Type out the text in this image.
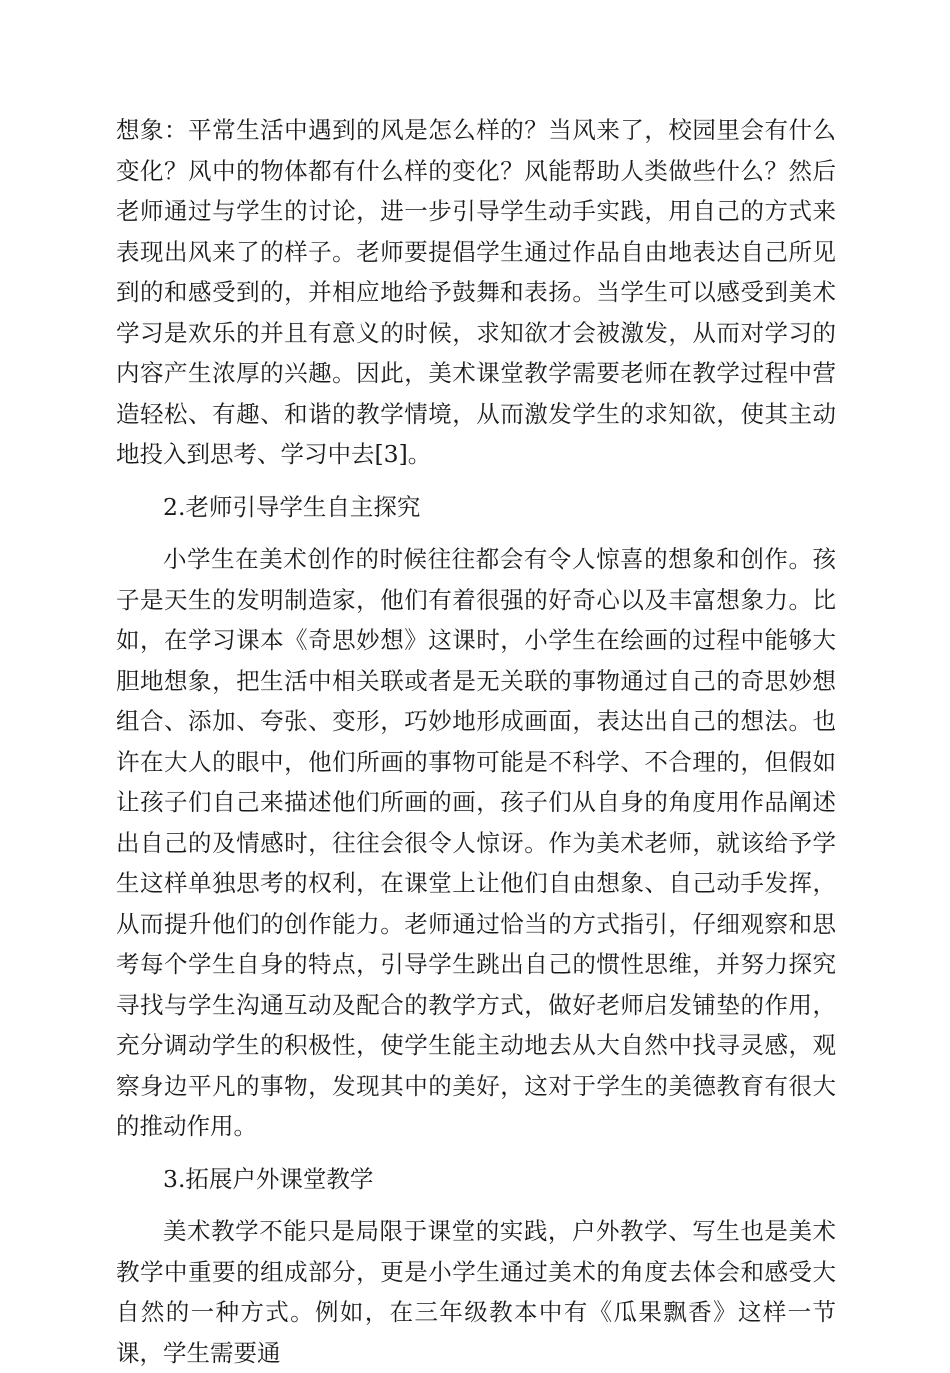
想象：平常生活中遇到的风是怎么样的？当风来了，校园里会有什么变化？风中的物体都有什么样的变化？风能帮助人类做些什么？然后老师通过与学生的讨论，进一步引导学生动手实践，用自己的方式来表现出风来了的样子。老师要提倡学生通过作品自由地表达自己所见到的和感受到的，并相应地给予鼓舞和表扬。当学生可以感受到美术学习是欢乐的并且有意义的时候，求知欲才会被激发，从而对学习的内容产生浓厚的兴趣。因此，美术课堂教学需要老师在教学过程中营造轻松、有趣、和谐的教学情境，从而激发学生的求知欲，使其主动地投入到思考、学习中去[3]。

2.老师引导学生自主探究

小学生在美术创作的时候往往都会有令人惊喜的想象和创作。孩子是天生的发明制造家，他们有着很强的好奇心以及丰富想象力。比如，在学习课本《奇思妙想》这课时，小学生在绘画的过程中能够大胆地想象，把生活中相关联或者是无关联的事物通过自己的奇思妙想组合、添加、夸张、变形，巧妙地形成画面，表达出自己的想法。也许在大人的眼中，他们所画的事物可能是不科学、不合理的，但假如让孩子们自己来描述他们所画的画，孩子们从自身的角度用作品阐述出自己的及情感时，往往会很令人惊讶。作为美术老师，就该给予学生这样单独思考的权利，在课堂上让他们自由想象、自己动手发挥，从而提升他们的创作能力。老师通过恰当的方式指引，仔细观察和思考每个学生自身的特点，引导学生跳出自己的惯性思维，并努力探究寻找与学生沟通互动及配合的教学方式，做好老师启发铺垫的作用，充分调动学生的积极性，使学生能主动地去从大自然中找寻灵感，观察身边平凡的事物，发现其中的美好，这对于学生的美德教育有很大的推动作用。

3.拓展户外课堂教学

美术教学不能只是局限于课堂的实践，户外教学、写生也是美术教学中重要的组成部分，更是小学生通过美术的角度去体会和感受大自然的一种方式。例如，在三年级教本中有《瓜果飘香》这样一节课，学生需要通
